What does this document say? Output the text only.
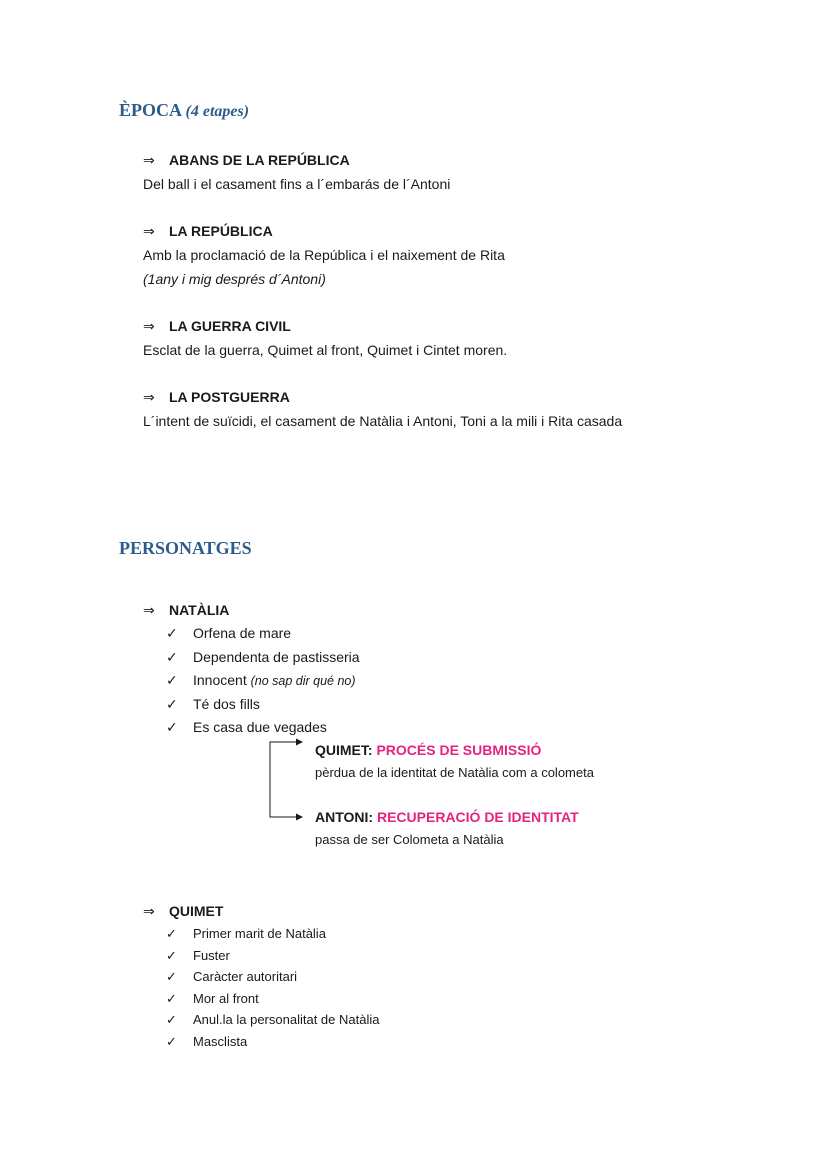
ÈPOCA (4 etapes)
⇒ ABANS DE LA REPÚBLICA
Del ball i el casament fins a l´embarás de l´Antoni
⇒ LA REPÚBLICA
Amb la proclamació de la República i el naixement de Rita
(1any i mig després d´Antoni)
⇒ LA GUERRA CIVIL
Esclat de la guerra, Quimet al front, Quimet i Cintet moren.
⇒ LA POSTGUERRA
L´intent de suïcidi, el casament de Natàlia i Antoni, Toni a la mili i Rita casada
PERSONATGES
⇒ NATÀLIA
✓ Orfena de mare
✓ Dependenta de pastisseria
✓ Innocent (no sap dir qué no)
✓ Té dos fills
✓ Es casa due vegades
QUIMET: PROCÉS DE SUBMISSIÓ
pèrdua de la identitat de Natàlia com a colometa
ANTONI: RECUPERACIÓ DE IDENTITAT
passa de ser Colometa a Natàlia
⇒ QUIMET
✓ Primer marit de Natàlia
✓ Fuster
✓ Caràcter autoritari
✓ Mor al front
✓ Anul.la la personalitat de Natàlia
✓ Masclista
